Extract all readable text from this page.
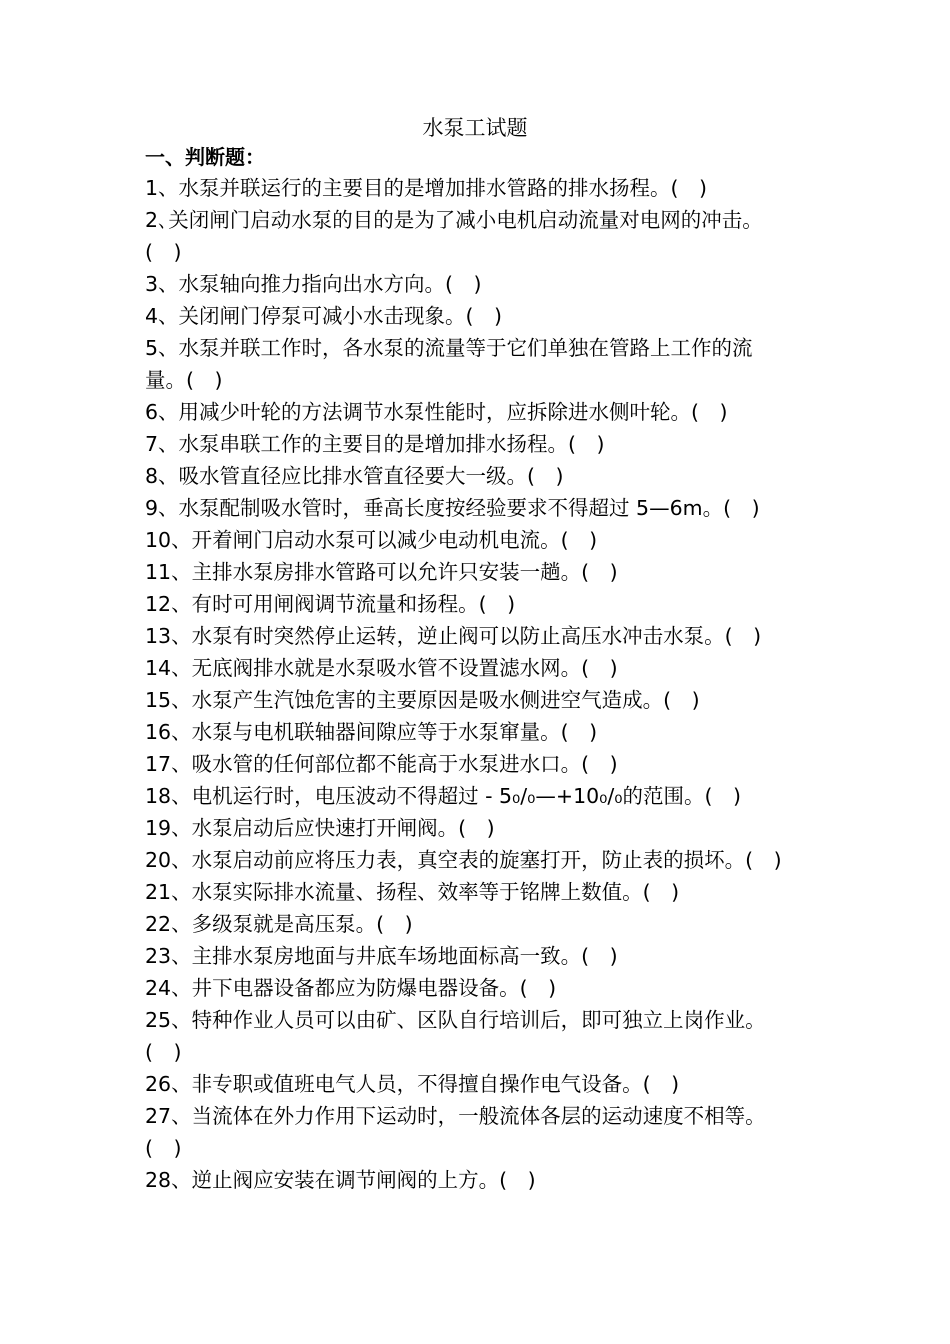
水泵工试题
一、判断题：
1、水泵并联运行的主要目的是增加排水管路的排水扬程。(　)
2､关闭闸门启动水泵的目的是为了减小电机启动流量对电网的冲击。
(　)
3、水泵轴向推力指向出水方向。(　)
4、关闭闸门停泵可减小水击现象。(　)
5、水泵并联工作时，各水泵的流量等于它们单独在管路上工作的流
量。(　)
6、用减少叶轮的方法调节水泵性能时，应拆除进水侧叶轮。(　)
7、水泵串联工作的主要目的是增加排水扬程。(　)
8、吸水管直径应比排水管直径要大一级。(　)
9、水泵配制吸水管时，垂高长度按经验要求不得超过 5—6m。(　)
10、开着闸门启动水泵可以减少电动机电流。(　)
11、主排水泵房排水管路可以允许只安装一趟。(　)
12、有时可用闸阀调节流量和扬程。(　)
13、水泵有时突然停止运转，逆止阀可以防止高压水冲击水泵。(　)
14、无底阀排水就是水泵吸水管不设置滤水网。(　)
15、水泵产生汽蚀危害的主要原因是吸水侧进空气造成。(　)
16、水泵与电机联轴器间隙应等于水泵窜量。(　)
17、吸水管的任何部位都不能高于水泵进水口。(　)
18、电机运行时，电压波动不得超过 - 5₀/₀—+10₀/₀的范围。(　)
19、水泵启动后应快速打开闸阀。(　)
20、水泵启动前应将压力表，真空表的旋塞打开，防止表的损坏。(　)
21、水泵实际排水流量、扬程、效率等于铭牌上数值。(　)
22、多级泵就是高压泵。(　)
23、主排水泵房地面与井底车场地面标高一致。(　)
24、井下电器设备都应为防爆电器设备。(　)
25、特种作业人员可以由矿、区队自行培训后，即可独立上岗作业。
(　)
26、非专职或值班电气人员，不得擅自操作电气设备。(　)
27、当流体在外力作用下运动时，一般流体各层的运动速度不相等。
(　)
28、逆止阀应安装在调节闸阀的上方。(　)
